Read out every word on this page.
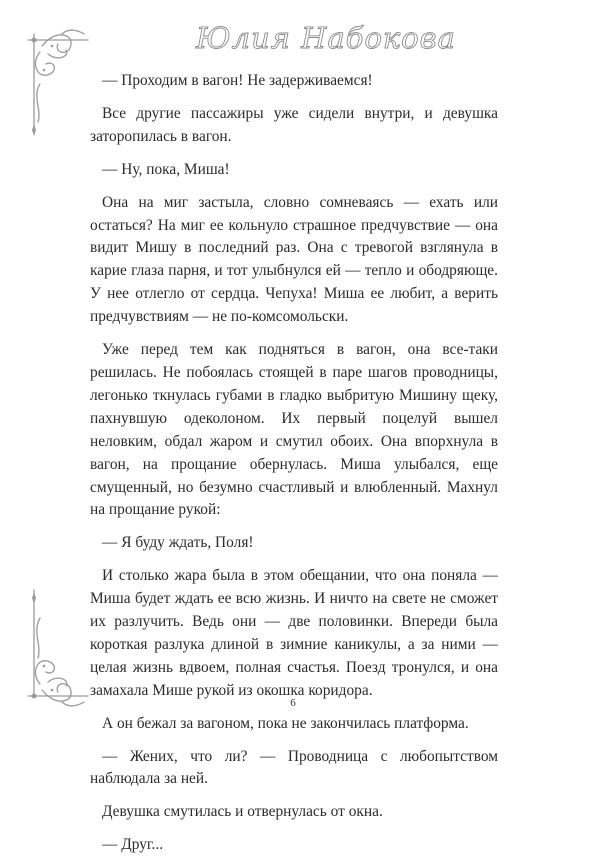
Юлия Набокова

— Проходим в вагон! Не задерживаемся!

Все другие пассажиры уже сидели внутри, и девушка заторопилась в вагон.

— Ну, пока, Миша!

Она на миг застыла, словно сомневаясь — ехать или остаться? На миг ее кольнуло страшное предчувствие — она видит Мишу в последний раз. Она с тревогой взглянула в карие глаза парня, и тот улыбнулся ей — тепло и ободряюще. У нее отлегло от сердца. Чепуха! Миша ее любит, а верить предчувствиям — не по-комсомольски.

Уже перед тем как подняться в вагон, она все-таки решилась. Не побоялась стоящей в паре шагов проводницы, легонько ткнулась губами в гладко выбритую Мишину щеку, пахнувшую одеколоном. Их первый поцелуй вышел неловким, обдал жаром и смутил обоих. Она впорхнула в вагон, на прощание обернулась. Миша улыбался, еще смущенный, но безумно счастливый и влюбленный. Махнул на прощание рукой:

— Я буду ждать, Поля!

И столько жара была в этом обещании, что она поняла — Миша будет ждать ее всю жизнь. И ничто на свете не сможет их разлучить. Ведь они — две половинки. Впереди была короткая разлука длиной в зимние каникулы, а за ними — целая жизнь вдвоем, полная счастья. Поезд тронулся, и она замахала Мише рукой из окошка коридора.

А он бежал за вагоном, пока не закончилась платформа.

— Жених, что ли? — Проводница с любопытством наблюдала за ней.

Девушка смутилась и отвернулась от окна.

— Друг...

6
